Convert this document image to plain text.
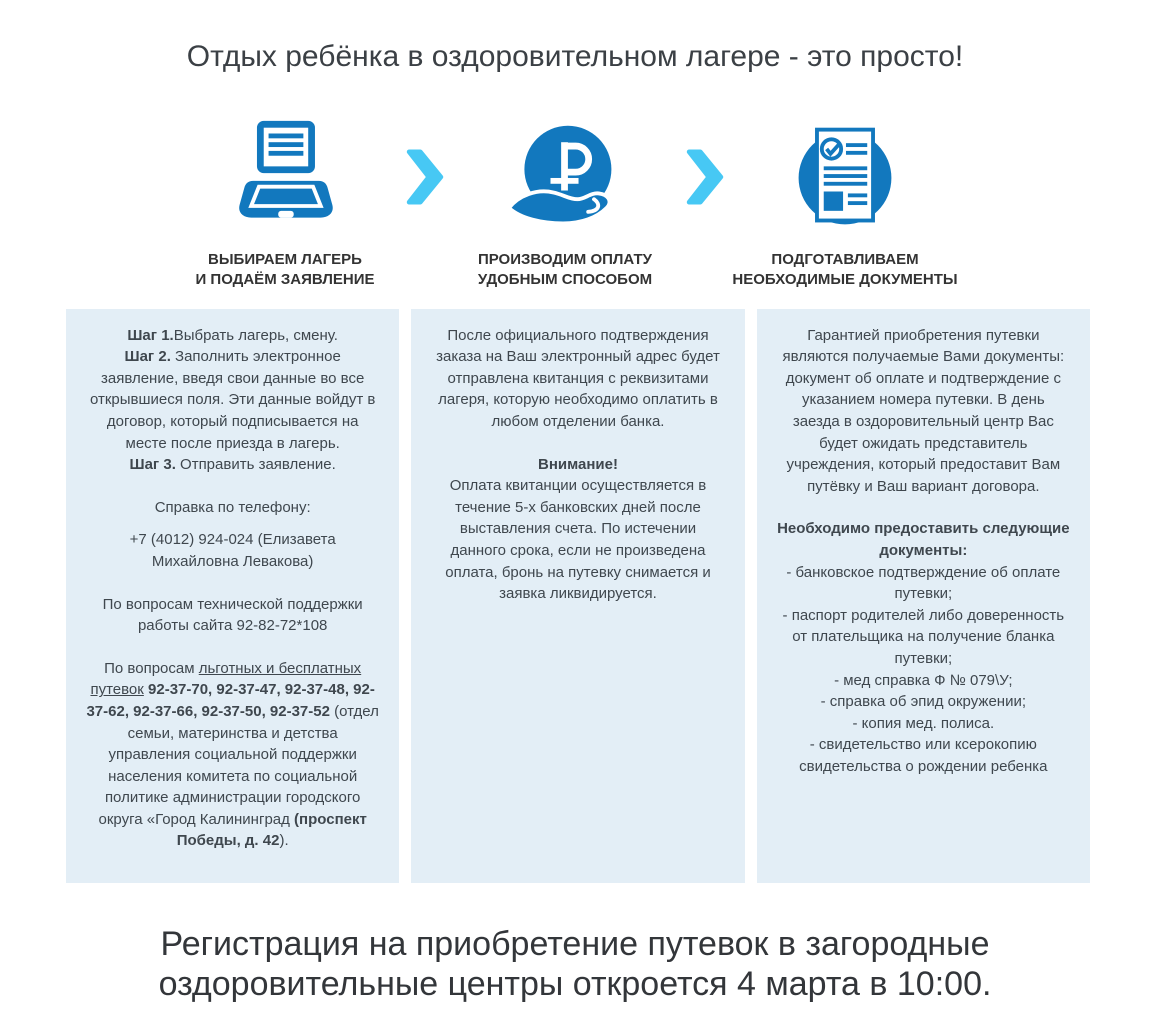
Отдых ребёнка в оздоровительном лагере - это просто!
ВЫБИРАЕМ ЛАГЕРЬ
И ПОДАЁМ ЗАЯВЛЕНИЕ
ПРОИЗВОДИМ ОПЛАТУ
УДОБНЫМ СПОСОБОМ
ПОДГОТАВЛИВАЕМ
НЕОБХОДИМЫЕ ДОКУМЕНТЫ

Шаг 1.Выбрать лагерь, смену.
Шаг 2. Заполнить электронное заявление, введя свои данные во все открывшиеся поля. Эти данные войдут в договор, который подписывается на месте после приезда в лагерь.
Шаг 3. Отправить заявление.

Справка по телефону:

+7 (4012) 924-024 (Елизавета Михайловна Левакова)

По вопросам технической поддержки работы сайта 92-82-72*108

По вопросам льготных и бесплатных путевок 92-37-70, 92-37-47, 92-37-48, 92-37-62, 92-37-66, 92-37-50, 92-37-52 (отдел семьи, материнства и детства управления социальной поддержки населения комитета по социальной политике администрации городского округа «Город Калининград (проспект Победы, д. 42).

После официального подтверждения заказа на Ваш электронный адрес будет отправлена квитанция с реквизитами лагеря, которую необходимо оплатить в любом отделении банка.

Внимание!
Оплата квитанции осуществляется в течение 5-х банковских дней после выставления счета. По истечении данного срока, если не произведена оплата, бронь на путевку снимается и заявка ликвидируется.

Гарантией приобретения путевки являются получаемые Вами документы: документ об оплате и подтверждение с указанием номера путевки. В день заезда в оздоровительный центр Вас будет ожидать представитель учреждения, который предоставит Вам путёвку и Ваш вариант договора.

Необходимо предоставить следующие документы:
- банковское подтверждение об оплате путевки;
- паспорт родителей либо доверенность от плательщика на получение бланка путевки;
- мед справка Ф № 079\У;
- справка об эпид окружении;
- копия мед. полиса.
- свидетельство или ксерокопию свидетельства о рождении ребенка

Регистрация на приобретение путевок в загородные
оздоровительные центры откроется 4 марта в 10:00.
